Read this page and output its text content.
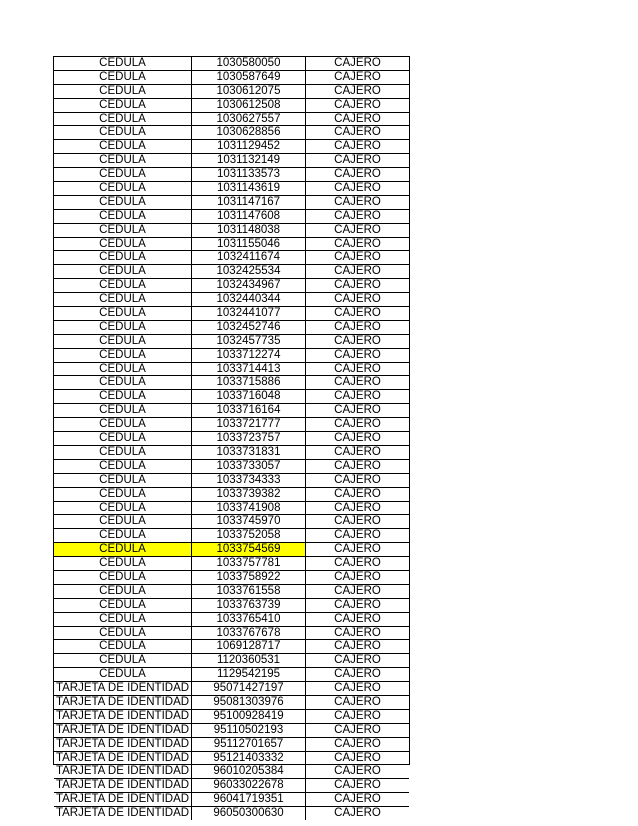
CÉDULA	1030580050	CAJERO
CÉDULA	1030587649	CAJERO
CÉDULA	1030612075	CAJERO
CÉDULA	1030612508	CAJERO
CÉDULA	1030627557	CAJERO
CÉDULA	1030628856	CAJERO
CÉDULA	1031129452	CAJERO
CÉDULA	1031132149	CAJERO
CÉDULA	1031133573	CAJERO
CÉDULA	1031143619	CAJERO
CÉDULA	1031147167	CAJERO
CÉDULA	1031147608	CAJERO
CÉDULA	1031148038	CAJERO
CÉDULA	1031155046	CAJERO
CÉDULA	1032411674	CAJERO
CÉDULA	1032425534	CAJERO
CÉDULA	1032434967	CAJERO
CÉDULA	1032440344	CAJERO
CÉDULA	1032441077	CAJERO
CÉDULA	1032452746	CAJERO
CÉDULA	1032457735	CAJERO
CÉDULA	1033712274	CAJERO
CÉDULA	1033714413	CAJERO
CÉDULA	1033715886	CAJERO
CÉDULA	1033716048	CAJERO
CÉDULA	1033716164	CAJERO
CÉDULA	1033721777	CAJERO
CÉDULA	1033723757	CAJERO
CÉDULA	1033731831	CAJERO
CÉDULA	1033733057	CAJERO
CÉDULA	1033734333	CAJERO
CÉDULA	1033739382	CAJERO
CÉDULA	1033741908	CAJERO
CÉDULA	1033745970	CAJERO
CÉDULA	1033752058	CAJERO
CÉDULA	1033754569	CAJERO
CÉDULA	1033757781	CAJERO
CÉDULA	1033758922	CAJERO
CÉDULA	1033761558	CAJERO
CÉDULA	1033763739	CAJERO
CÉDULA	1033765410	CAJERO
CÉDULA	1033767678	CAJERO
CÉDULA	1069128717	CAJERO
CÉDULA	1120360531	CAJERO
CÉDULA	1129542195	CAJERO
TARJETA DE IDENTIDAD	95071427197	CAJERO
TARJETA DE IDENTIDAD	95081303976	CAJERO
TARJETA DE IDENTIDAD	95100928419	CAJERO
TARJETA DE IDENTIDAD	95110502193	CAJERO
TARJETA DE IDENTIDAD	95112701657	CAJERO
TARJETA DE IDENTIDAD	95121403332	CAJERO
TARJETA DE IDENTIDAD	96010205384	CAJERO
TARJETA DE IDENTIDAD	96033022678	CAJERO
TARJETA DE IDENTIDAD	96041719351	CAJERO
TARJETA DE IDENTIDAD	96050300630	CAJERO
